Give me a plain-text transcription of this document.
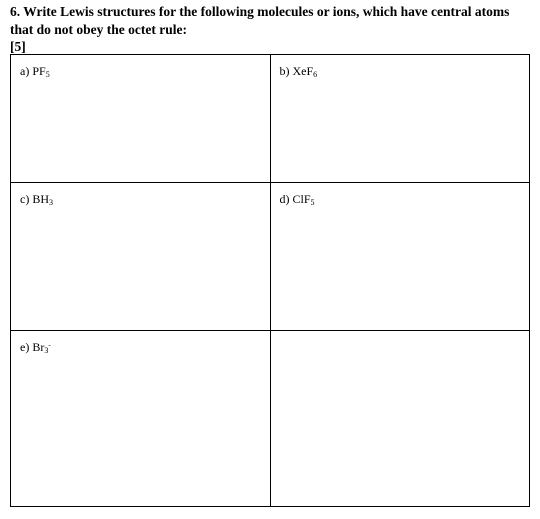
6. Write Lewis structures for the following molecules or ions, which have central atoms
that do not obey the octet rule:
[5]
a) $PF_5$	b) XeF$_6$
c) $BH_3$	d) ClF$_5$
e) $Br_3^-$	
